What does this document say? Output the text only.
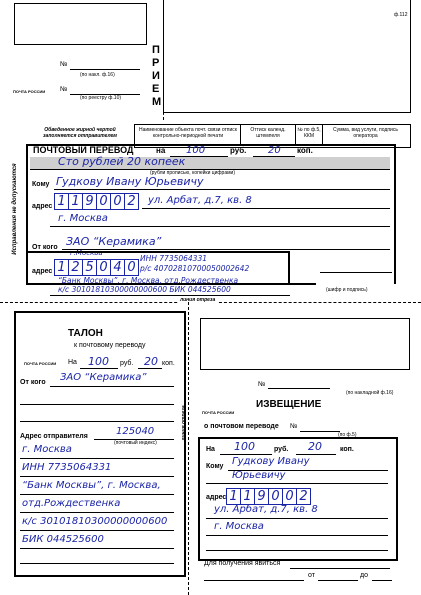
ф.112
№
(по накл. ф.16)
ПОЧТА РОССИИ №
(по реестру ф.10)
П
Р
И
Е
М
Обведенное жирной чертой заполняется отправителем
Наименование объекта почт. связи отписк контрольно-периодной печати
Оттиск календ. штемпеля
№ по ф.5, ККМ
Сумма, вид услуги, подпись оператора
Исправления не допускаются
ПОЧТОВЫЙ ПЕРЕВОД	на 100	руб. 20 коп.
Сто рублей 20 копеек
(рубли прописью, копейки цифрами)
Кому Гудкову Ивану Юрьевичу
адрес 1 1 9 0 0 2 ул. Арбат, д.7, кв. 8
г. Москва
От кого ЗАО “Керамика”
г.Москва
адрес 1 2 5 0 4 0
ИНН 7735064331
р/с 40702810700050002642
“Банк Москвы”, г. Москва, отд.Рождественка
к/с 30101810300000000600 БИК 044525600	(шифр и подпись)
линия отреза
линия отреза
ТАЛОН
к почтовому переводу
ПОЧТА РОССИИ На 100 руб. 20 коп.
От кого ЗАО “Керамика”
Адрес отправителя	125040
(почтовый индекс)
г. Москва
ИНН 7735064331
“Банк Москвы”, г. Москва,
отд.Рождественка
к/с 30101810300000000600
БИК 044525600
№
(по накладной ф.16)
ПОЧТА РОССИИ
ИЗВЕЩЕНИЕ
о почтовом переводе №
(по ф.5)
На 100	руб. 20	коп.
Кому Гудкову Ивану
Юрьевичу
адрес 1 1 9 0 0 2
ул. Арбат, д.7, кв. 8
г. Москва
Для получения явиться
от	до
